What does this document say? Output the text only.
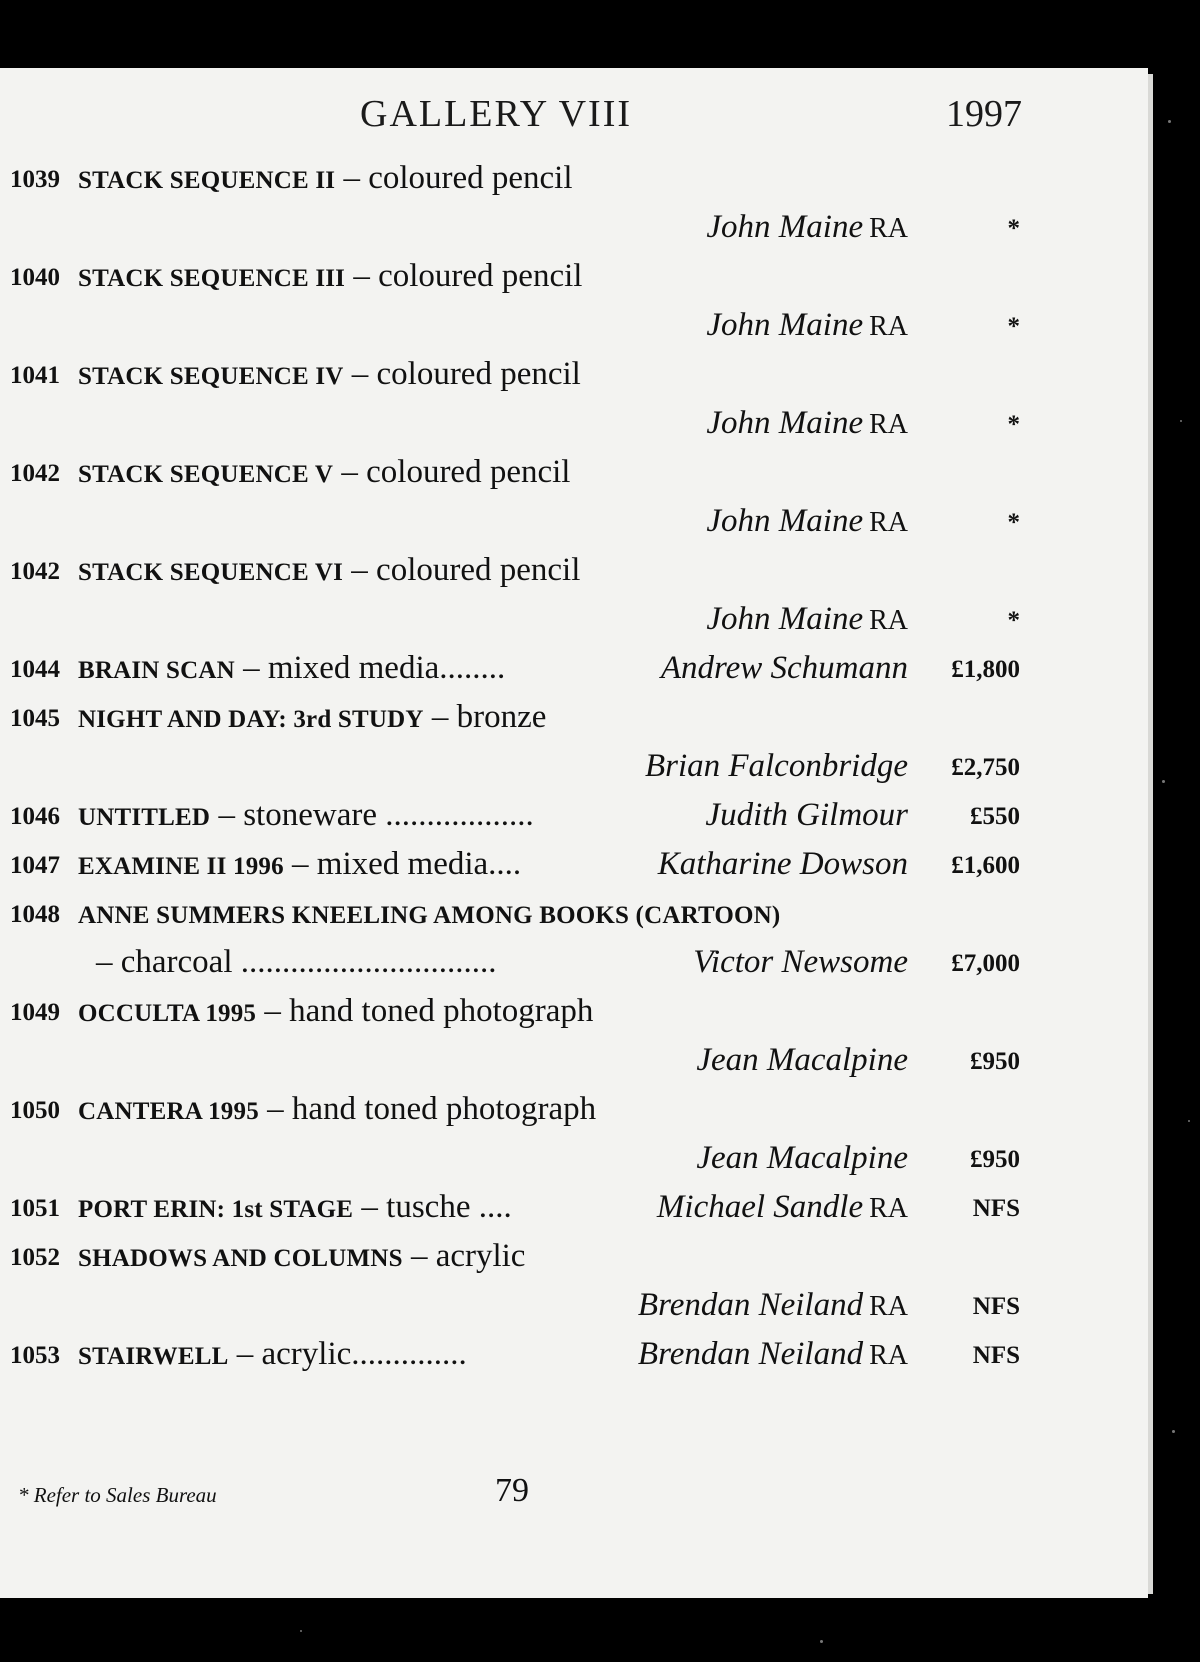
GALLERY VIII	1997
1039 STACK SEQUENCE II – coloured pencil
John Maine RA	*
1040 STACK SEQUENCE III – coloured pencil
John Maine RA	*
1041 STACK SEQUENCE IV – coloured pencil
John Maine RA	*
1042 STACK SEQUENCE V – coloured pencil
John Maine RA	*
1042 STACK SEQUENCE VI – coloured pencil
John Maine RA	*
1044 BRAIN SCAN – mixed media........	Andrew Schumann	£1,800
1045 NIGHT AND DAY: 3rd STUDY – bronze
Brian Falconbridge	£2,750
1046 UNTITLED – stoneware ..................	Judith Gilmour	£550
1047 EXAMINE II 1996 – mixed media....	Katharine Dowson	£1,600
1048 ANNE SUMMERS KNEELING AMONG BOOKS (CARTOON)
– charcoal ...............................	Victor Newsome	£7,000
1049 OCCULTA 1995 – hand toned photograph
Jean Macalpine	£950
1050 CANTERA 1995 – hand toned photograph
Jean Macalpine	£950
1051 PORT ERIN: 1st STAGE – tusche ....	Michael Sandle RA	NFS
1052 SHADOWS AND COLUMNS – acrylic
Brendan Neiland RA	NFS
1053 STAIRWELL – acrylic..............	Brendan Neiland RA	NFS
* Refer to Sales Bureau	79
